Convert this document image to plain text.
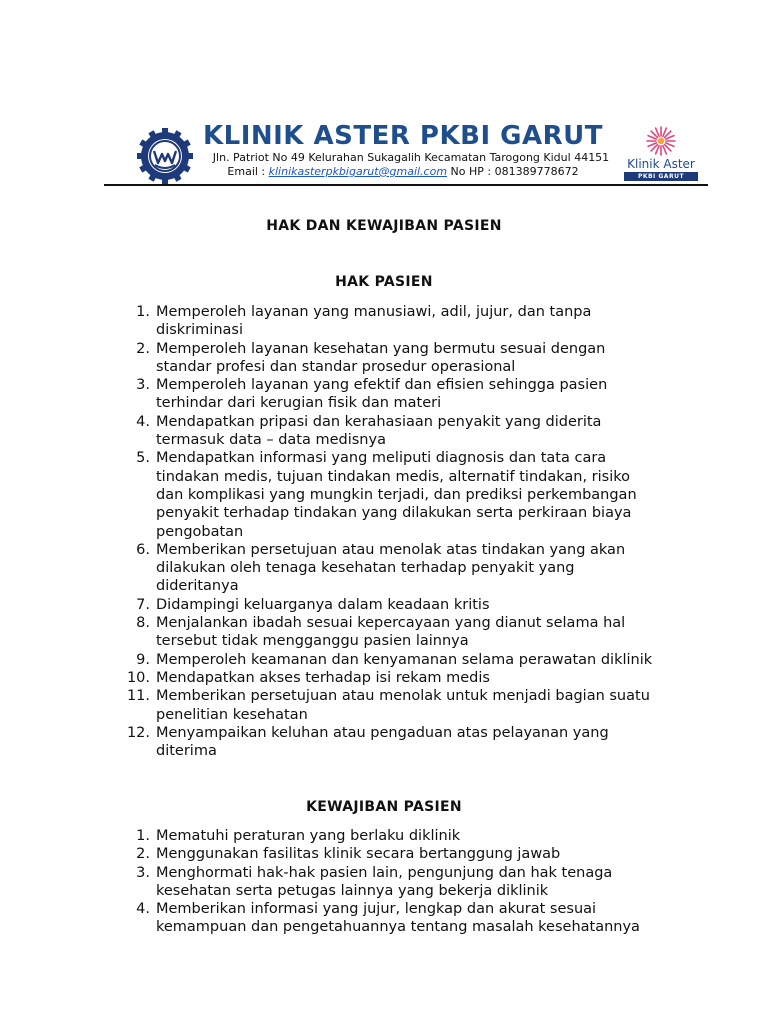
KLINIK ASTER PKBI GARUT
Jln. Patriot No 49 Kelurahan Sukagalih Kecamatan Tarogong Kidul 44151
Email : klinikasterpkbigarut@gmail.com No HP : 081389778672
Klinik Aster
PKBI GARUT
HAK DAN KEWAJIBAN PASIEN
HAK PASIEN
1. Memperoleh layanan yang manusiawi, adil, jujur, dan tanpa
diskriminasi
2. Memperoleh layanan kesehatan yang bermutu sesuai dengan
standar profesi dan standar prosedur operasional
3. Memperoleh layanan yang efektif dan efisien sehingga pasien
terhindar dari kerugian fisik dan materi
4. Mendapatkan pripasi dan kerahasiaan penyakit yang diderita
termasuk data – data medisnya
5. Mendapatkan informasi yang meliputi diagnosis dan tata cara
tindakan medis, tujuan tindakan medis, alternatif tindakan, risiko
dan komplikasi yang mungkin terjadi, dan prediksi perkembangan
penyakit terhadap tindakan yang dilakukan serta perkiraan biaya
pengobatan
6. Memberikan persetujuan atau menolak atas tindakan yang akan
dilakukan oleh tenaga kesehatan terhadap penyakit yang
dideritanya
7. Didampingi keluarganya dalam keadaan kritis
8. Menjalankan ibadah sesuai kepercayaan yang dianut selama hal
tersebut tidak mengganggu pasien lainnya
9. Memperoleh keamanan dan kenyamanan selama perawatan diklinik
10. Mendapatkan akses terhadap isi rekam medis
11. Memberikan persetujuan atau menolak untuk menjadi bagian suatu
penelitian kesehatan
12. Menyampaikan keluhan atau pengaduan atas pelayanan yang
diterima
KEWAJIBAN PASIEN
1. Mematuhi peraturan yang berlaku diklinik
2. Menggunakan fasilitas klinik secara bertanggung jawab
3. Menghormati hak-hak pasien lain, pengunjung dan hak tenaga
kesehatan serta petugas lainnya yang bekerja diklinik
4. Memberikan informasi yang jujur, lengkap dan akurat sesuai
kemampuan dan pengetahuannya tentang masalah kesehatannya
